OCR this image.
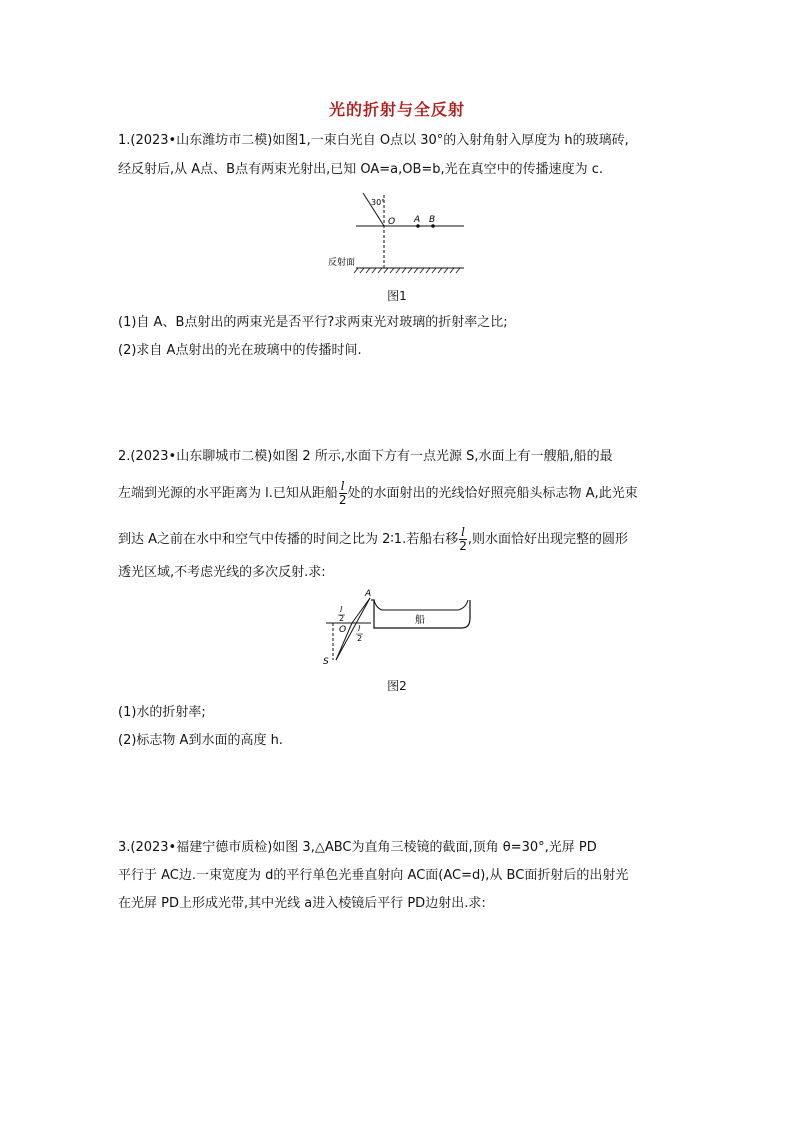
光的折射与全反射
1.(2023•山东潍坊市二模)如图1,一束白光自 O点以 30°的入射角射入厚度为 h的玻璃砖,
经反射后,从 A点、B点有两束光射出,已知 OA=a,OB=b,光在真空中的传播速度为 c.
30°
O A B
反射面
图1
(1)自 A、B点射出的两束光是否平行?求两束光对玻璃的折射率之比;
(2)求自 A点射出的光在玻璃中的传播时间.
2.(2023•山东聊城市二模)如图 2 所示,水面下方有一点光源 S,水面上有一艘船,船的最
左端到光源的水平距离为 l.已知从距船 $\frac{l}{2}$ 处的水面射出的光线恰好照亮船头标志物 A,此光束
到达 A之前在水中和空气中传播的时间之比为 2∶1.若船右移 $\frac{l}{2}$ ,则水面恰好出现完整的圆形
透光区域,不考虑光线的多次反射.求:
l
2
l
2
A
O
S
船
图2
(1)水的折射率;
(2)标志物 A到水面的高度 h.
3.(2023•福建宁德市质检)如图 3,△ABC为直角三棱镜的截面,顶角 θ=30°,光屏 PD
平行于 AC边.一束宽度为 d的平行单色光垂直射向 AC面(AC=d),从 BC面折射后的出射光
在光屏 PD上形成光带,其中光线 a进入棱镜后平行 PD边射出.求:
